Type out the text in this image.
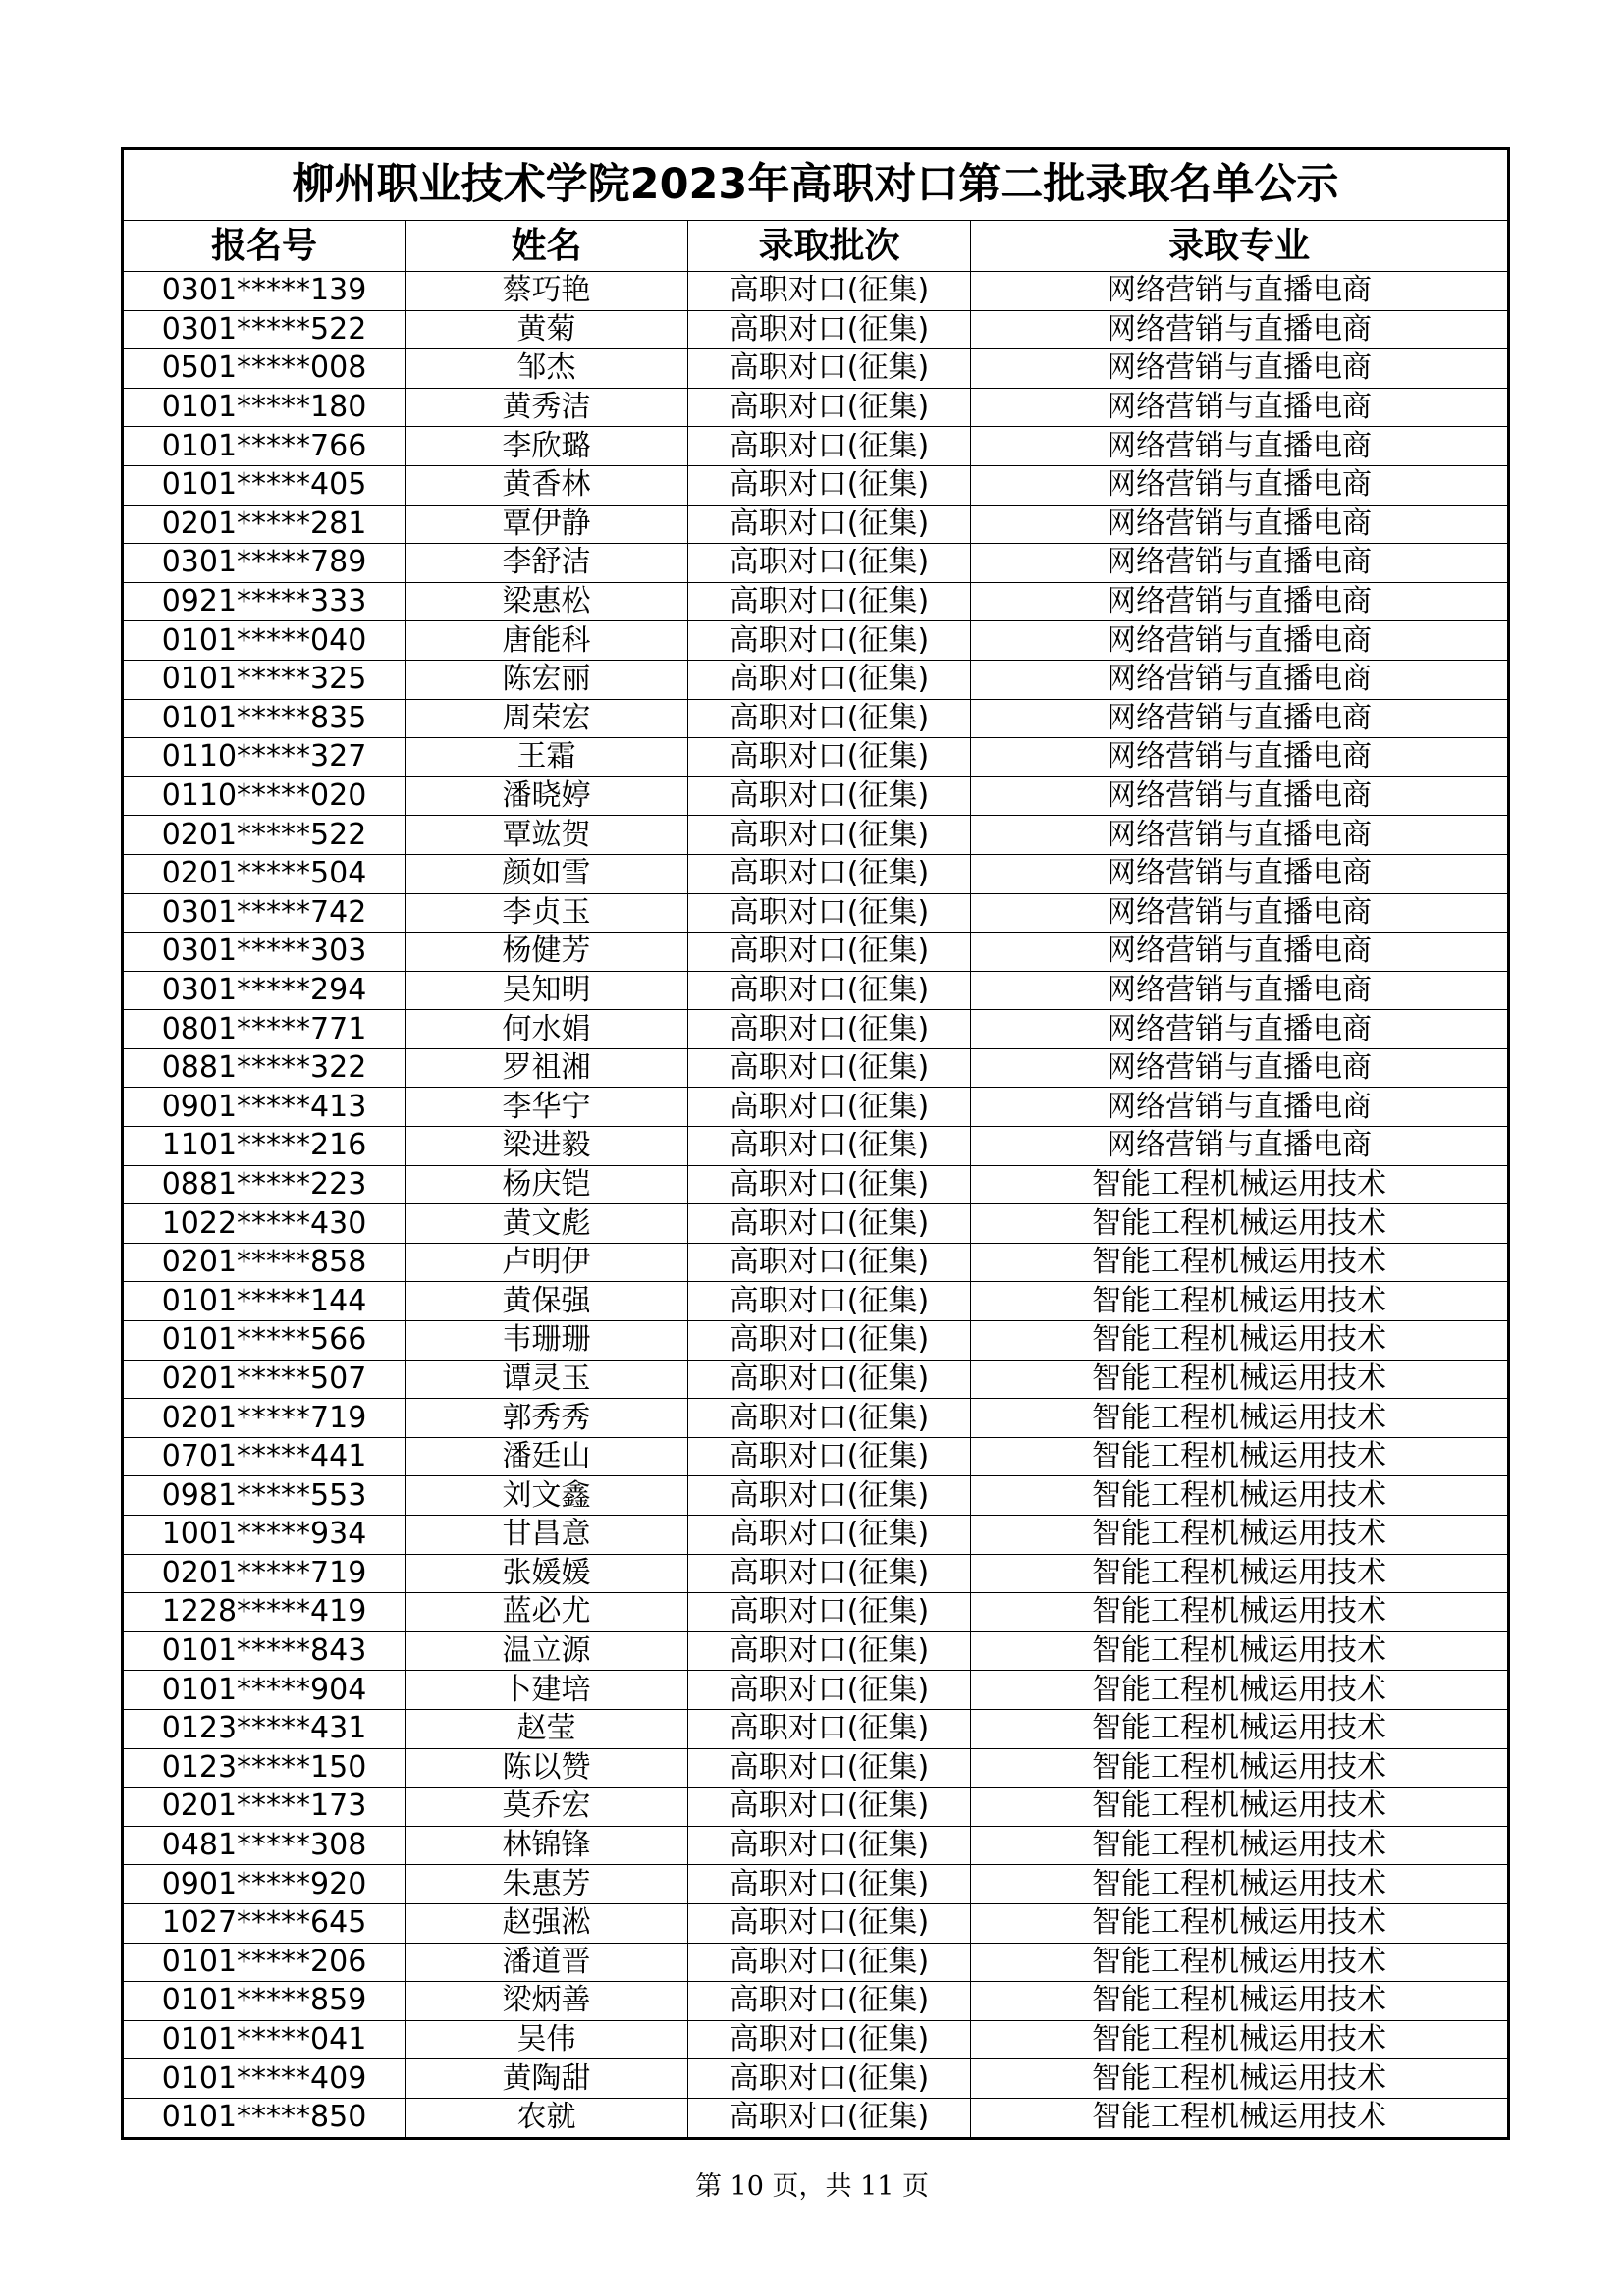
柳州职业技术学院2023年高职对口第二批录取名单公示			
报名号	姓名	录取批次	录取专业
0301*****139	蔡巧艳	高职对口(征集)	网络营销与直播电商
0301*****522	黄菊	高职对口(征集)	网络营销与直播电商
0501*****008	邹杰	高职对口(征集)	网络营销与直播电商
0101*****180	黄秀洁	高职对口(征集)	网络营销与直播电商
0101*****766	李欣璐	高职对口(征集)	网络营销与直播电商
0101*****405	黄香林	高职对口(征集)	网络营销与直播电商
0201*****281	覃伊静	高职对口(征集)	网络营销与直播电商
0301*****789	李舒洁	高职对口(征集)	网络营销与直播电商
0921*****333	梁惠松	高职对口(征集)	网络营销与直播电商
0101*****040	唐能科	高职对口(征集)	网络营销与直播电商
0101*****325	陈宏丽	高职对口(征集)	网络营销与直播电商
0101*****835	周荣宏	高职对口(征集)	网络营销与直播电商
0110*****327	王霜	高职对口(征集)	网络营销与直播电商
0110*****020	潘晓婷	高职对口(征集)	网络营销与直播电商
0201*****522	覃竑贺	高职对口(征集)	网络营销与直播电商
0201*****504	颜如雪	高职对口(征集)	网络营销与直播电商
0301*****742	李贞玉	高职对口(征集)	网络营销与直播电商
0301*****303	杨健芳	高职对口(征集)	网络营销与直播电商
0301*****294	吴知明	高职对口(征集)	网络营销与直播电商
0801*****771	何水娟	高职对口(征集)	网络营销与直播电商
0881*****322	罗祖湘	高职对口(征集)	网络营销与直播电商
0901*****413	李华宁	高职对口(征集)	网络营销与直播电商
1101*****216	梁进毅	高职对口(征集)	网络营销与直播电商
0881*****223	杨庆铠	高职对口(征集)	智能工程机械运用技术
1022*****430	黄文彪	高职对口(征集)	智能工程机械运用技术
0201*****858	卢明伊	高职对口(征集)	智能工程机械运用技术
0101*****144	黄保强	高职对口(征集)	智能工程机械运用技术
0101*****566	韦珊珊	高职对口(征集)	智能工程机械运用技术
0201*****507	谭灵玉	高职对口(征集)	智能工程机械运用技术
0201*****719	郭秀秀	高职对口(征集)	智能工程机械运用技术
0701*****441	潘廷山	高职对口(征集)	智能工程机械运用技术
0981*****553	刘文鑫	高职对口(征集)	智能工程机械运用技术
1001*****934	甘昌意	高职对口(征集)	智能工程机械运用技术
0201*****719	张媛媛	高职对口(征集)	智能工程机械运用技术
1228*****419	蓝必尤	高职对口(征集)	智能工程机械运用技术
0101*****843	温立源	高职对口(征集)	智能工程机械运用技术
0101*****904	卜建培	高职对口(征集)	智能工程机械运用技术
0123*****431	赵莹	高职对口(征集)	智能工程机械运用技术
0123*****150	陈以赞	高职对口(征集)	智能工程机械运用技术
0201*****173	莫乔宏	高职对口(征集)	智能工程机械运用技术
0481*****308	林锦锋	高职对口(征集)	智能工程机械运用技术
0901*****920	朱惠芳	高职对口(征集)	智能工程机械运用技术
1027*****645	赵强淞	高职对口(征集)	智能工程机械运用技术
0101*****206	潘道晋	高职对口(征集)	智能工程机械运用技术
0101*****859	梁炳善	高职对口(征集)	智能工程机械运用技术
0101*****041	吴伟	高职对口(征集)	智能工程机械运用技术
0101*****409	黄陶甜	高职对口(征集)	智能工程机械运用技术
0101*****850	农就	高职对口(征集)	智能工程机械运用技术
第 10 页，共 11 页
